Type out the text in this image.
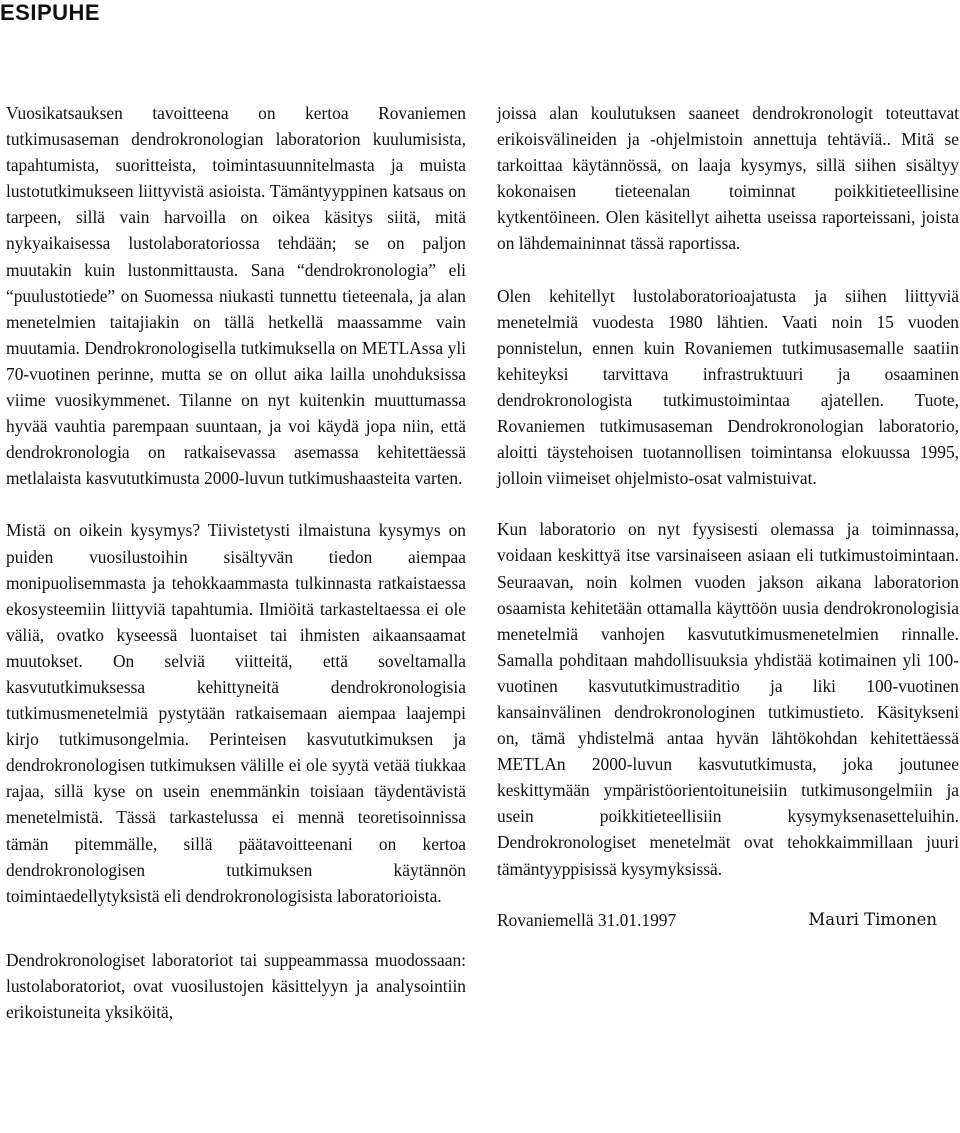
ESIPUHE

Vuosikatsauksen tavoitteena on kertoa Rovaniemen tutkimusaseman dendrokronologian laboratorion kuulumisista, tapahtumista, suoritteista, toimintasuunnitelmasta ja muista lustotutkimukseen liittyvistä asioista. Tämäntyyppinen katsaus on tarpeen, sillä vain harvoilla on oikea käsitys siitä, mitä nykyaikaisessa lustolaboratoriossa tehdään; se on paljon muutakin kuin lustonmittausta. Sana “dendrokronologia” eli “puulustotiede” on Suomessa niukasti tunnettu tieteenala, ja alan menetelmien taitajiakin on tällä hetkellä maassamme vain muutamia. Dendrokronologisella tutkimuksella on METLAssa yli 70-vuotinen perinne, mutta se on ollut aika lailla unohduksissa viime vuosikymmenet. Tilanne on nyt kuitenkin muuttumassa hyvää vauhtia parempaan suuntaan, ja voi käydä jopa niin, että dendrokronologia on ratkaisevassa asemassa kehitettäessä metlalaista kasvututkimusta 2000-luvun tutkimushaasteita varten.

Mistä on oikein kysymys? Tiivistetysti ilmaistuna kysymys on puiden vuosilustoihin sisältyvän tiedon aiempaa monipuolisemmasta ja tehokkaammasta tulkinnasta ratkaistaessa ekosysteemiin liittyviä tapahtumia. Ilmiöitä tarkasteltaessa ei ole väliä, ovatko kyseessä luontaiset tai ihmisten aikaansaamat muutokset. On selviä viitteitä, että soveltamalla kasvututkimuksessa kehittyneitä dendrokronologisia tutkimusmenetelmiä pystytään ratkaisemaan aiempaa laajempi kirjo tutkimusongelmia. Perinteisen kasvututkimuksen ja dendrokronologisen tutkimuksen välille ei ole syytä vetää tiukkaa rajaa, sillä kyse on usein enemmänkin toisiaan täydentävistä menetelmistä. Tässä tarkastelussa ei mennä teoretisoinnissa tämän pitemmälle, sillä päätavoitteenani on kertoa dendrokronologisen tutkimuksen käytännön toimintaedellytyksistä eli dendrokronologisista laboratorioista.

Dendrokronologiset laboratoriot tai suppeammassa muodossaan: lustolaboratoriot, ovat vuosilustojen käsittelyyn ja analysointiin erikoistuneita yksiköitä,

joissa alan koulutuksen saaneet dendrokronologit toteuttavat erikoisvälineiden ja -ohjelmistoin annettuja tehtäviä.. Mitä se tarkoittaa käytännössä, on laaja kysymys, sillä siihen sisältyy kokonaisen tieteenalan toiminnat poikkitieteellisine kytkentöineen. Olen käsitellyt aihetta useissa raporteissani, joista on lähdemaininnat tässä raportissa.

Olen kehitellyt lustolaboratorioajatusta ja siihen liittyviä menetelmiä vuodesta 1980 lähtien. Vaati noin 15 vuoden ponnistelun, ennen kuin Rovaniemen tutkimusasemalle saatiin kehiteyksi tarvittava infrastruktuuri ja osaaminen dendrokronologista tutkimustoimintaa ajatellen. Tuote, Rovaniemen tutkimusaseman Dendrokronologian laboratorio, aloitti täystehoisen tuotannollisen toimintansa elokuussa 1995, jolloin viimeiset ohjelmisto-osat valmistuivat.

Kun laboratorio on nyt fyysisesti olemassa ja toiminnassa, voidaan keskittyä itse varsinaiseen asiaan eli tutkimustoimintaan. Seuraavan, noin kolmen vuoden jakson aikana laboratorion osaamista kehitetään ottamalla käyttöön uusia dendrokronologisia menetelmiä vanhojen kasvututkimusmenetelmien rinnalle. Samalla pohditaan mahdollisuuksia yhdistää kotimainen yli 100-vuotinen kasvututkimustraditio ja liki 100-vuotinen kansainvälinen dendrokronologinen tutkimustieto. Käsitykseni on, tämä yhdistelmä antaa hyvän lähtökohdan kehitettäessä METLAn 2000-luvun kasvututkimusta, joka joutunee keskittymään ympäristöorientoituneisiin tutkimusongelmiin ja usein poikkitieteellisiin kysymyksenasetteluihin. Dendrokronologiset menetelmät ovat tehokkaimmillaan juuri tämäntyyppisissä kysymyksissä.

Rovaniemellä 31.01.1997	Mauri Timonen
